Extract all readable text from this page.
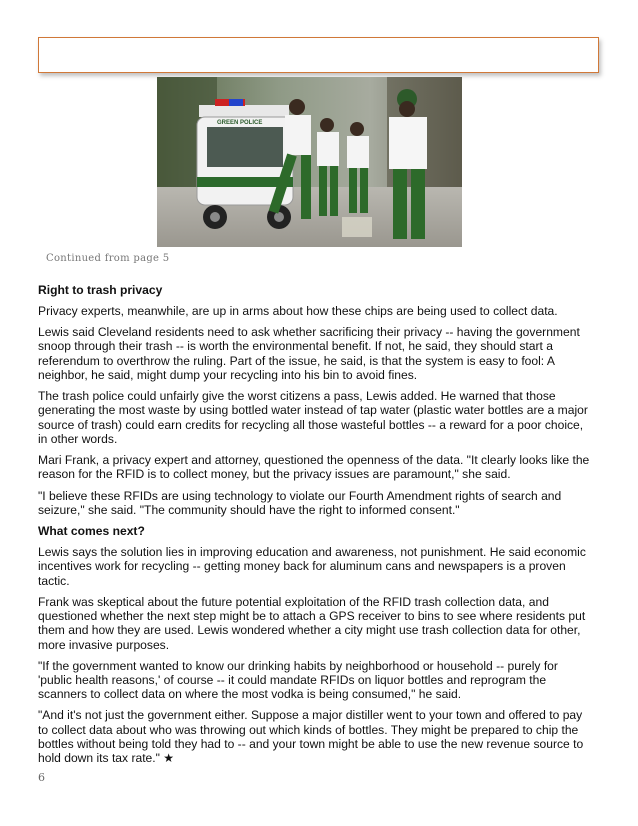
GREEN POLICE
Continued from page 5
Right to trash privacy

Privacy experts, meanwhile, are up in arms about how these chips are being used to collect data.

Lewis said Cleveland residents need to ask whether sacrificing their privacy -- having the government snoop through their trash -- is worth the environmental benefit. If not, he said, they should start a referendum to overthrow the ruling. Part of the issue, he said, is that the system is easy to fool: A neighbor, he said, might dump your recycling into his bin to avoid fines.

The trash police could unfairly give the worst citizens a pass, Lewis added. He warned that those generating the most waste by using bottled water instead of tap water (plastic water bottles are a major source of trash) could earn credits for recycling all those wasteful bottles -- a reward for a poor choice, in other words.

Mari Frank, a privacy expert and attorney, questioned the openness of the data. "It clearly looks like the reason for the RFID is to collect money, but the privacy issues are paramount," she said.

"I believe these RFIDs are using technology to violate our Fourth Amendment rights of search and seizure," she said. "The community should have the right to informed consent."

What comes next?

Lewis says the solution lies in improving education and awareness, not punishment. He said economic incentives work for recycling -- getting money back for aluminum cans and newspapers is a proven tactic.

Frank was skeptical about the future potential exploitation of the RFID trash collection data, and questioned whether the next step might be to attach a GPS receiver to bins to see where residents put them and how they are used. Lewis wondered whether a city might use trash collection data for other, more invasive purposes.

"If the government wanted to know our drinking habits by neighborhood or household -- purely for 'public health reasons,' of course -- it could mandate RFIDs on liquor bottles and reprogram the scanners to collect data on where the most vodka is being consumed," he said.

"And it's not just the government either. Suppose a major distiller went to your town and offered to pay to collect data about who was throwing out which kinds of bottles. They might be prepared to chip the bottles without being told they had to -- and your town might be able to use the new revenue source to hold down its tax rate." ★

6
